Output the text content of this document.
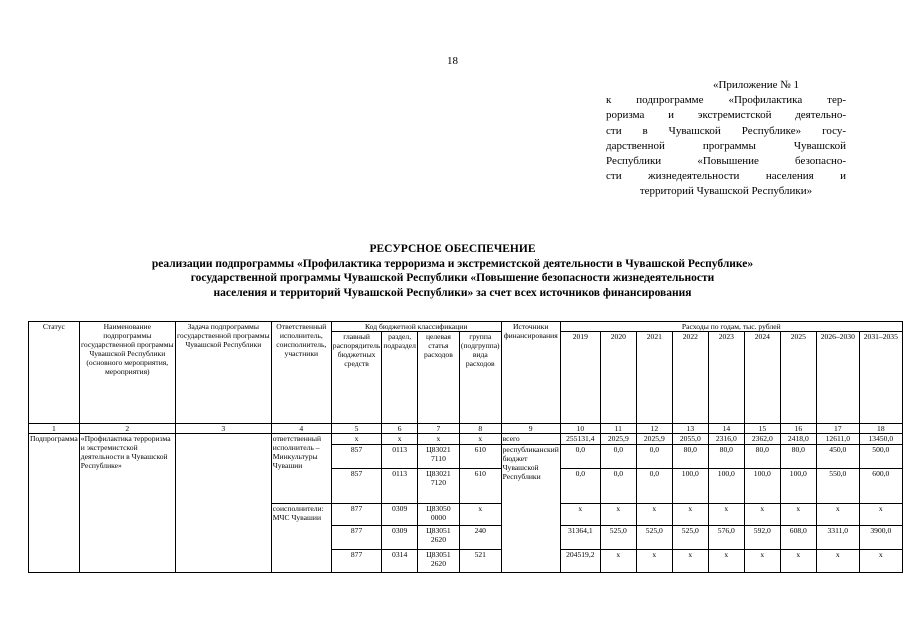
18
«Приложение № 1
к подпрограмме «Профилактика тер-
роризма и экстремистской деятельно-
сти в Чувашской Республике» госу-
дарственной программы Чувашской
Республики «Повышение безопасно-
сти жизнедеятельности населения и
территорий Чувашской Республики»
РЕСУРСНОЕ ОБЕСПЕЧЕНИЕ
реализации подпрограммы «Профилактика терроризма и экстремистской деятельности в Чувашской Республике»
государственной программы Чувашской Республики «Повышение безопасности жизнедеятельности
населения и территорий Чувашской Республики» за счет всех источников финансирования
Статус	Наименование подпрограммы государственной программы Чувашской Республики (основного мероприятия, мероприятия)	Задача подпрограммы государственной программы Чувашской Республики	Ответственный исполнитель, соисполнитель, участники	Код бюджетной классификации				Источники финансирования	Расходы по годам, тыс. рублей								
				главный распорядитель бюджетных средств	раздел, подраздел	целевая статья расходов	группа (подгруппа) вида расходов		2019	2020	2021	2022	2023	2024	2025	2026–2030	2031–2035
1	2	3	4	5	6	7	8	9	10	11	12	13	14	15	16	17	18
Подпрограмма	«Профилактика терроризма и экстремистской деятельности в Чувашской Республике»		ответственный исполнитель – Минкультуры Чувашии	x	x	x	x	всего	255131,4	2025,9	2025,9	2055,0	2316,0	2362,0	2418,0	12611,0	13450,0
				857	0113	Ц83021 7110	610	республиканский бюджет Чувашской Республики	0,0	0,0	0,0	80,0	80,0	80,0	80,0	450,0	500,0
				857	0113	Ц83021 7120	610		0,0	0,0	0,0	100,0	100,0	100,0	100,0	550,0	600,0
			соисполнители: МЧС Чувашии	877	0309	Ц83050 0000	x		x	x	x	x	x	x	x	x	x
				877	0309	Ц83051 2620	240		31364,1	525,0	525,0	525,0	576,0	592,0	608,0	3311,0	3900,0
				877	0314	Ц83051 2620	521		204519,2	x	x	x	x	x	x	x	x
